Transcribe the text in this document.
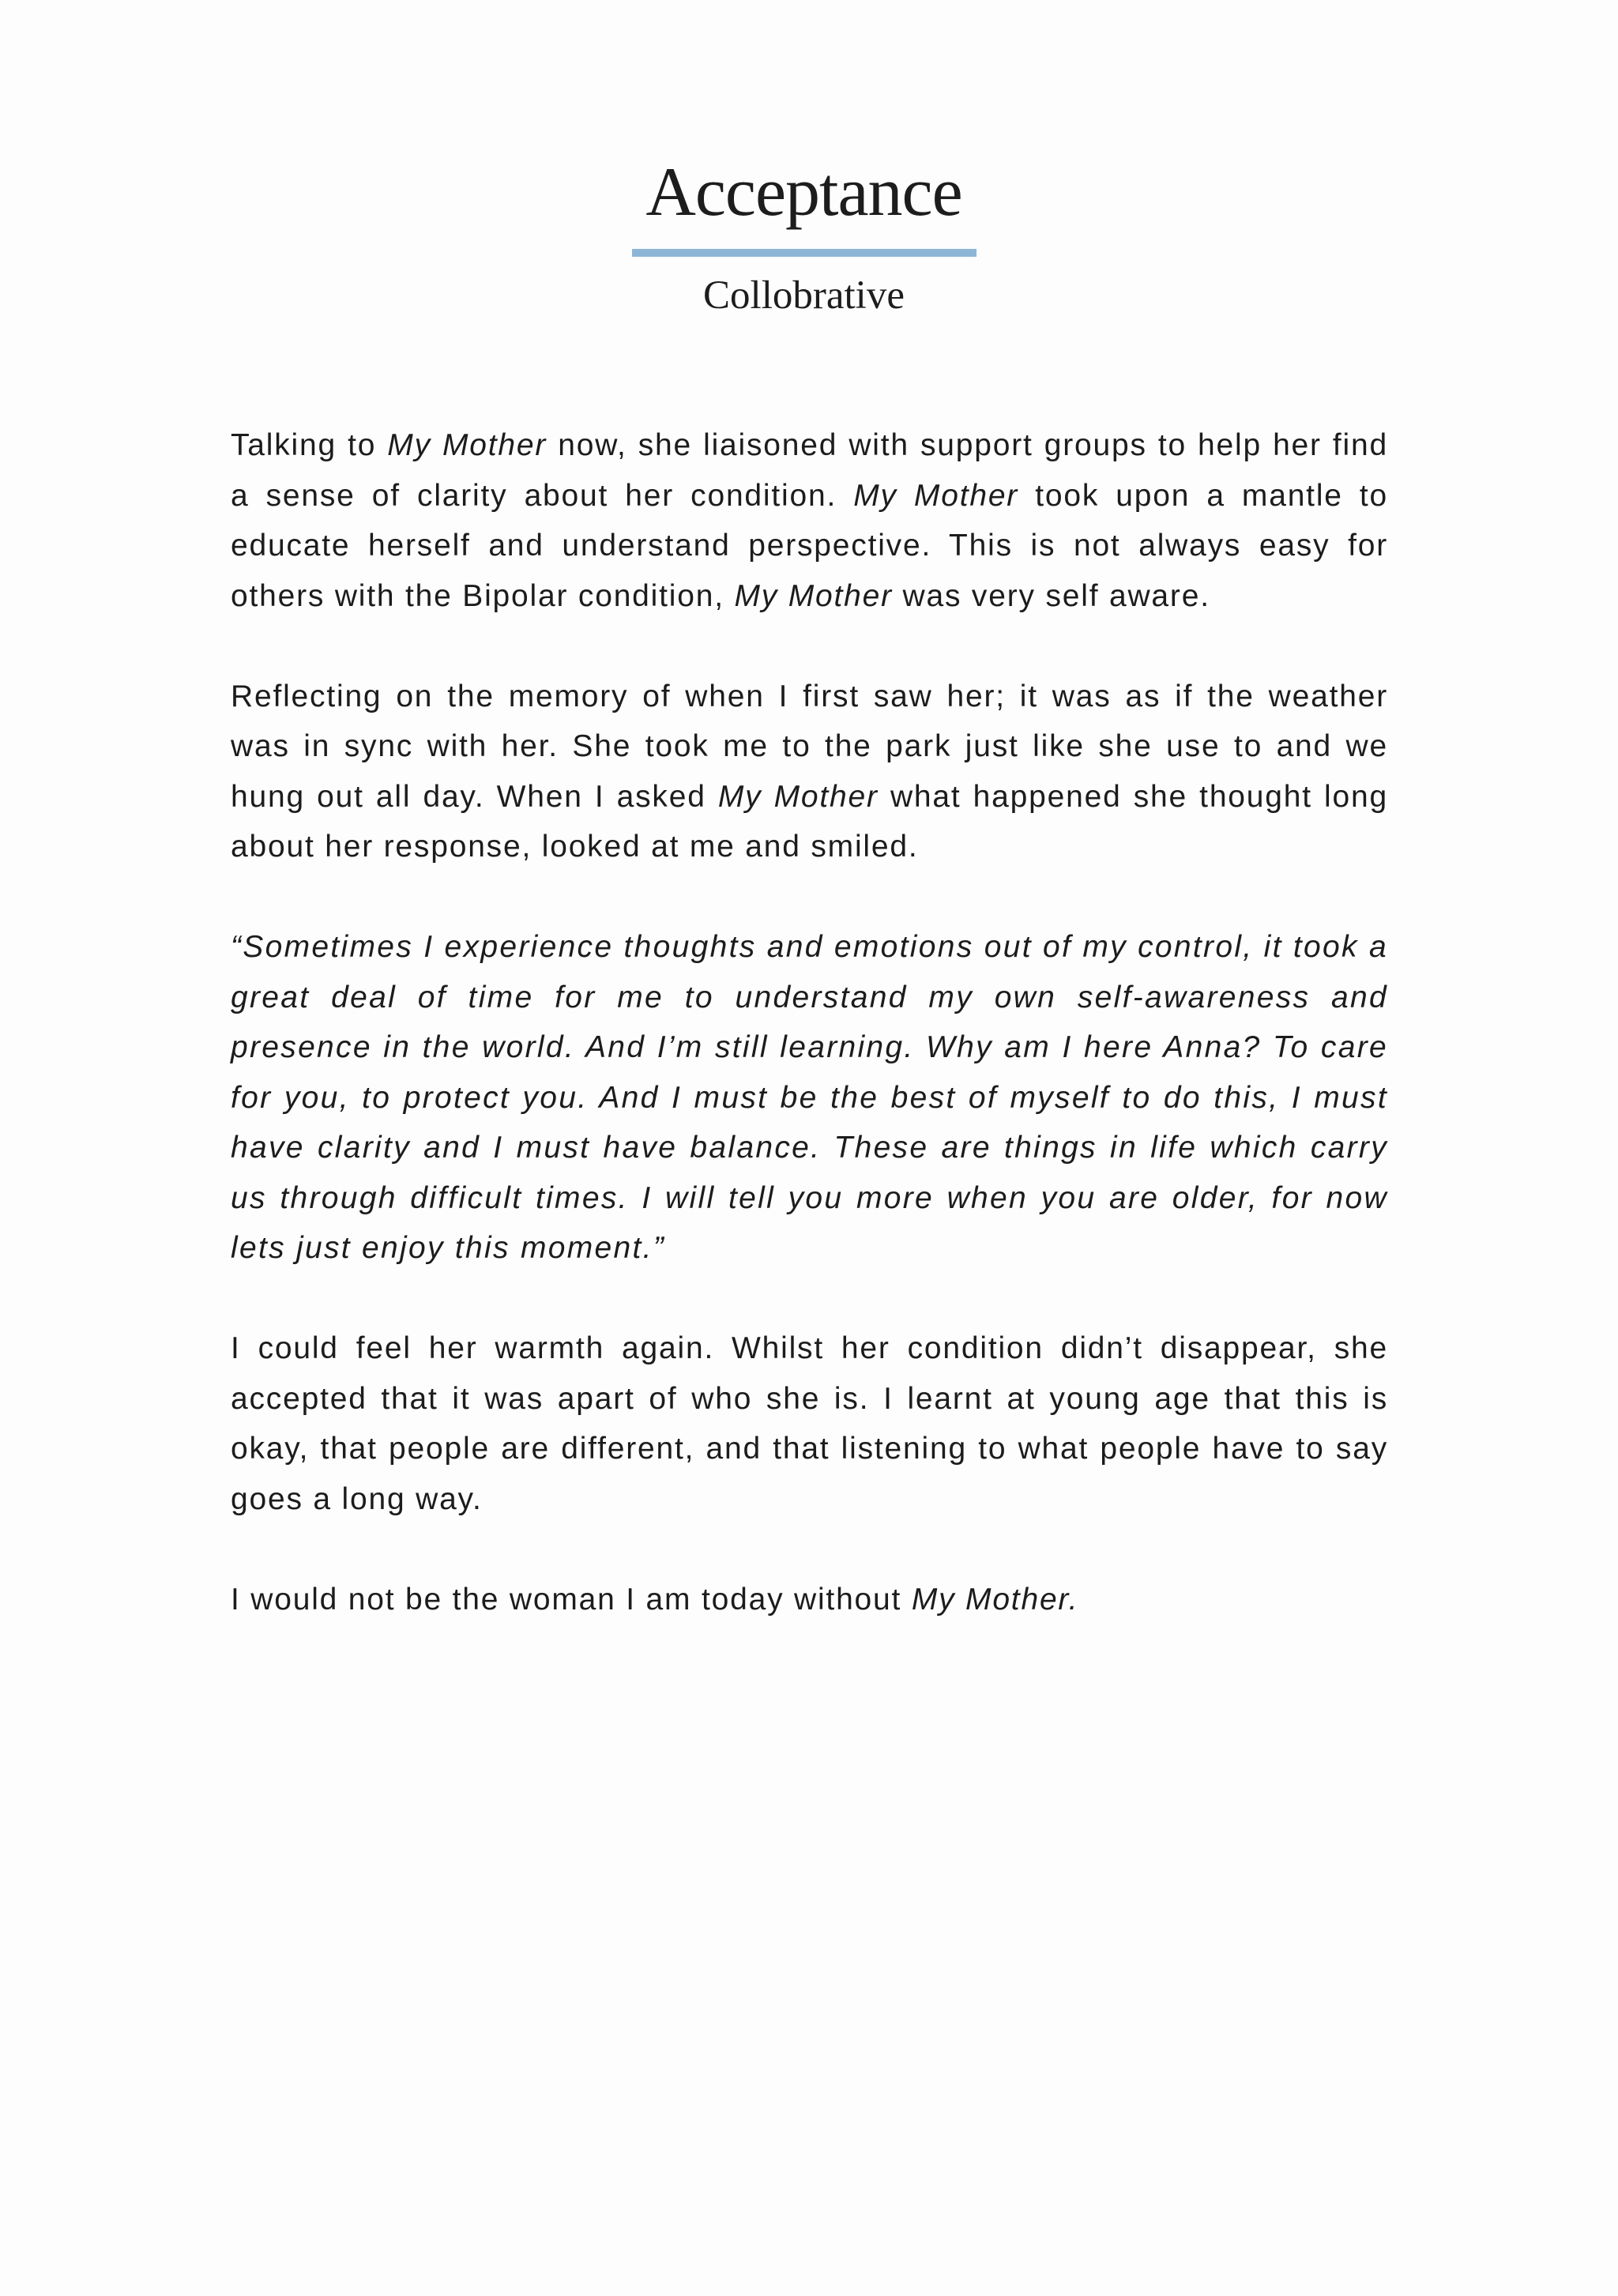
Acceptance
Collobrative

Talking to My Mother now, she liaisoned with support groups to help her find a sense of clarity about her condition. My Mother took upon a mantle to educate herself and understand perspective. This is not always easy for others with the Bipolar condition, My Mother was very self aware.

Reflecting on the memory of when I first saw her; it was as if the weather was in sync with her. She took me to the park just like she use to and we hung out all day. When I asked My Mother what happened she thought long about her response, looked at me and smiled.

“Sometimes I experience thoughts and emotions out of my control, it took a great deal of time for me to understand my own self-awareness and presence in the world. And I’m still learning. Why am I here Anna? To care for you, to protect you. And I must be the best of myself to do this, I must have clarity and I must have balance. These are things in life which carry us through difficult times. I will tell you more when you are older, for now lets just enjoy this moment.”

I could feel her warmth again. Whilst her condition didn’t disappear, she accepted that it was apart of who she is. I learnt at young age that this is okay, that people are different, and that listening to what people have to say goes a long way.

I would not be the woman I am today without My Mother.
